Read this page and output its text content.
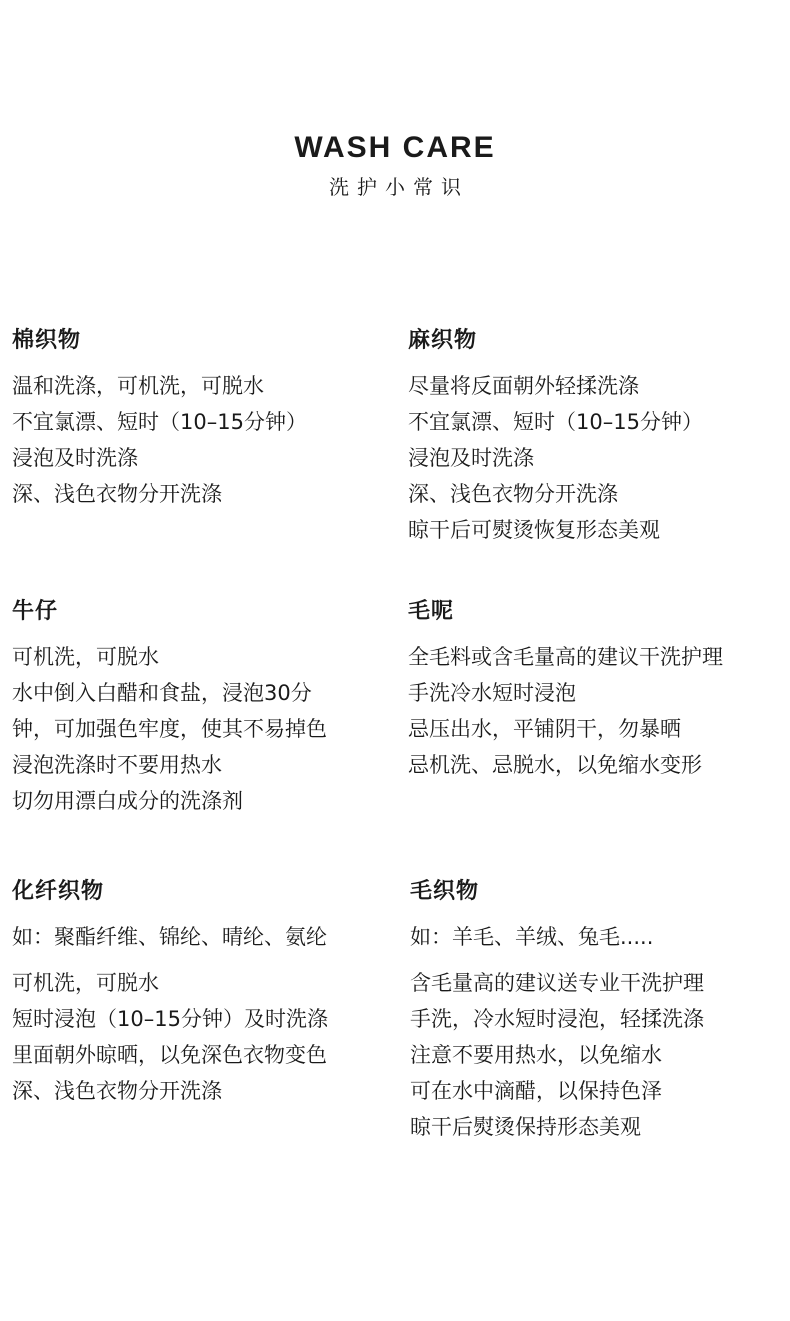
WASH CARE
洗护小常识
棉织物
温和洗涤，可机洗，可脱水
不宜氯漂、短时（10–15分钟）
浸泡及时洗涤
深、浅色衣物分开洗涤
麻织物
尽量将反面朝外轻揉洗涤
不宜氯漂、短时（10–15分钟）
浸泡及时洗涤
深、浅色衣物分开洗涤
晾干后可熨烫恢复形态美观
牛仔
可机洗，可脱水
水中倒入白醋和食盐，浸泡30分
钟，可加强色牢度，使其不易掉色
浸泡洗涤时不要用热水
切勿用漂白成分的洗涤剂
毛呢
全毛料或含毛量高的建议干洗护理
手洗冷水短时浸泡
忌压出水，平铺阴干，勿暴晒
忌机洗、忌脱水，以免缩水变形
化纤织物
如：聚酯纤维、锦纶、晴纶、氨纶
可机洗，可脱水
短时浸泡（10–15分钟）及时洗涤
里面朝外晾晒，以免深色衣物变色
深、浅色衣物分开洗涤
毛织物
如：羊毛、羊绒、兔毛.....
含毛量高的建议送专业干洗护理
手洗，冷水短时浸泡，轻揉洗涤
注意不要用热水，以免缩水
可在水中滴醋，以保持色泽
晾干后熨烫保持形态美观
